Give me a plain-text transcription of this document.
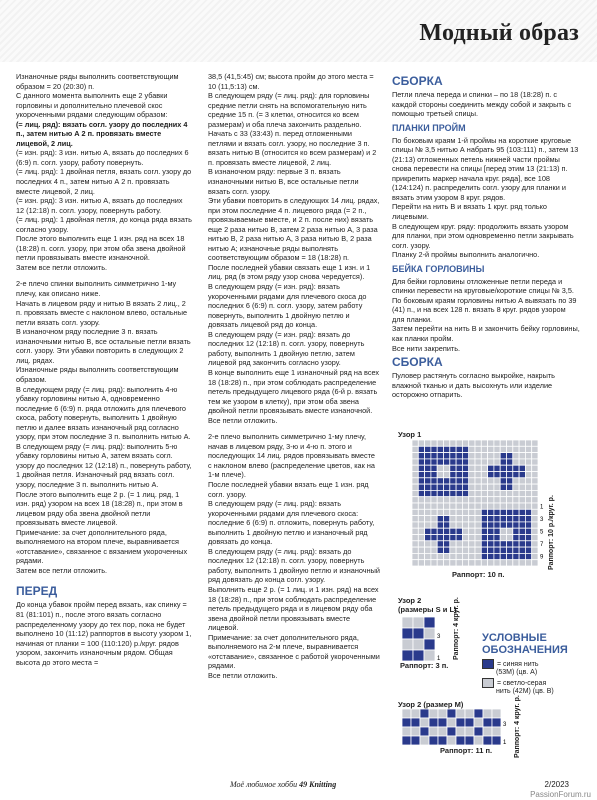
Модный образ

Изнаночные ряды выполнить соответствующим образом = 20 (20:30) п.

С данного момента выполнить еще 2 убавки горловины и дополнительно плечевой скос укороченными рядами следующим образом:

(= лиц. ряд): вязать согл. узору до последних 4 п., затем нитью А 2 п. провязать вместе лицевой, 2 лиц.

(= изн. ряд): 3 изн. нитью А, вязать до последних 6 (6:9) п. согл. узору, работу повернуть.

(= лиц. ряд): 1 двойная петля, вязать согл. узору до последних 4 п., затем нитью А 2 п. провязать вместе лицевой, 2 лиц.

(= изн. ряд): 3 изн. нитью А, вязать до последних 12 (12:18) п. согл. узору, повернуть работу.

(= лиц. ряд): 1 двойная петля, до конца ряда вязать согласно узору.

После этого выполнить еще 1 изн. ряд на всех 18 (18:28) п. согл. узору, при этом оба звена двойной петли провязывать вместе изнаночной.

Затем все петли отложить.

2-е плечо спинки выполнить симметрично 1-му плечу, как описано ниже.

Начать в лицевом ряду и нитью В вязать 2 лиц., 2 п. провязать вместе с наклоном влево, остальные петли вязать согл. узору.

В изнаночном ряду последние 3 п. вязать изнаночными нитью В, все остальные петли вязать согл. узору. Эти убавки повторить в следующих 2 лиц. рядах.

Изнаночные ряды выполнить соответствующим образом.

В следующем ряду (= лиц. ряд): выполнить 4-ю убавку горловины нитью А, одновременно последние 6 (6:9) п. ряда отложить для плечевого скоса, работу повернуть, выполнить 1 двойную петлю и далее вязать изнаночный ряд согласно узору, при этом последние 3 п. выполнить нитью А.

В следующем ряду (= лиц. ряд): выполнить 5-ю убавку горловины нитью А, затем вязать согл. узору до последних 12 (12:18) п., повернуть работу, 1 двойная петля. Изнаночный ряд вязать согл. узору, последние 3 п. выполнить нитью А.

После этого выполнить еще 2 р. (= 1 лиц. ряд, 1 изн. ряд) узором на всех 18 (18:28) п., при этом в лицевом ряду оба звена двойной петли провязывать вместе лицевой.

Примечание: за счет дополнительного ряда, выполняемого на втором плече, выравнивается «отставание», связанное с вязанием укороченных рядами.

Затем все петли отложить.

ПЕРЕД

До конца убавок пройм перед вязать, как спинку = 81 (81:101) п., после этого вязать согласно распределенному узору до тех пор, пока не будет выполнено 10 (11:12) раппортов в высоту узором 1, начиная от планки = 100 (110:120) р./круг. рядов узором, закончить изнаночным рядом. Общая высота до этого места =

38,5 (41,5:45) см; высота пройм до этого места = 10 (11,5:13) см.

В следующем ряду (= лиц. ряд): для горловины средние петли снять на вспомогательную нить средние 15 п. (= 3 клетки, относится ко всем размерам) и оба плеча закончить раздельно.

Начать с 33 (33:43) п. перед отложенными петлями и вязать согл. узору, но последние 3 п. вязать нитью В (относится ко всем размерам) и 2 п. провязать вместе лицевой, 2 лиц.

В изнаночном ряду: первые 3 п. вязать изнаночными нитью В, все остальные петли вязать согл. узору.

Эти убавки повторить в следующих 14 лиц. рядах, при этом последние 4 п. лицевого ряда (= 2 п., провязываемые вместе, и 2 п. после них) вязать еще 2 раза нитью В, затем 2 раза нитью А, 3 раза нитью В, 2 раза нитью А, 3 раза нитью В, 2 раза нитью А; изнаночные ряды выполнять соответствующим образом = 18 (18:28) п.

После последней убавки связать еще 1 изн. и 1 лиц. ряд (в этом ряду узор снова чередуется).

В следующем ряду (= изн. ряд): вязать укороченными рядами для плечевого скоса до последних 6 (6:9) п. согл. узору, затем работу повернуть, выполнить 1 двойную петлю и довязать лицевой ряд до конца.

В следующем ряду (= изн. ряд): вязать до последних 12 (12:18) п. согл. узору, повернуть работу, выполнить 1 двойную петлю, затем лицевой ряд закончить согласно узору.

В конце выполнить еще 1 изнаночный ряд на всех 18 (18:28) п., при этом соблюдать распределение петель предыдущего лицевого ряда (6-й р. вязать тем же узором в клетку), при этом оба звена двойной петли провязывать вместе изнаночной.

Все петли отложить.

2-е плечо выполнить симметрично 1-му плечу, начав в лицевом ряду, 3-ю и 4-ю п. этого и последующих 14 лиц. рядов провязывать вместе с наклоном влево (распределение цветов, как на 1-м плече).

После последней убавки вязать еще 1 изн. ряд согл. узору.

В следующем ряду (= лиц. ряд): вязать укороченными рядами для плечевого скоса: последние 6 (6:9) п. отложить, повернуть работу, выполнить 1 двойную петлю и изнаночный ряд довязать до конца.

В следующем ряду (= лиц. ряд): вязать до последних 12 (12:18) п. согл. узору, повернуть работу, выполнить 1 двойную петлю и изнаночный ряд довязать до конца согл. узору.

Выполнить еще 2 р. (= 1 лиц. и 1 изн. ряд) на всех 18 (18:28) п., при этом соблюдать распределение петель предыдущего ряда и в лицевом ряду оба звена двойной петли провязывать вместе лицевой.

Примечание: за счет дополнительного ряда, выполняемого на 2-м плече, выравнивается «отставание», связанное с работой укороченными рядами.

Все петли отложить.

СБОРКА

Петли плеча переда и спинки – по 18 (18:28) п. с каждой стороны соединить между собой и закрыть с помощью третьей спицы.

ПЛАНКИ ПРОЙМ

По боковым краям 1-й проймы на короткие круговые спицы № 3,5 нитью А набрать 95 (103:111) п., затем 13 (21:13) отложенных петель нижней части проймы снова перевести на спицы [перед этим 13 (21:13) п. прикрепить маркер начала круг. ряда], все 108 (124:124) п. распределить согл. узору для планки и вязать этим узором 8 круг. рядов.

Перейти на нить В и вязать 1 круг. ряд только лицевыми.

В следующем круг. ряду: продолжить вязать узором для планки, при этом одновременно петли закрывать согл. узору.

Планку 2-й проймы выполнить аналогично.

БЕЙКА ГОРЛОВИНЫ

Для бейки горловины отложенные петли переда и спинки перевести на круговые/короткие спицы № 3,5.

По боковым краям горловины нитью А вывязать по 39 (41) п., и на всех 128 п. вязать 8 круг. рядов узором для планки.

Затем перейти на нить В и закончить бейку горловины, как планки пройм.

Все нити закрепить.

СБОРКА

Пуловер растянуть согласно выкройке, накрыть влажной тканью и дать высохнуть или изделие осторожно отпарить.

Узор 1
9
7
5
3
1
Раппорт: 10 п.
Раппорт: 10 р./круг. р.
Узор 2
(размеры S и L)
3
1
Раппорт: 3 п.
Раппорт: 4 круг. р. УСЛОВНЫЕ
ОБОЗНАЧЕНИЯ
= синяя нить
(53М) (цв. А)
= светло-серая
нить (42М) (цв. В)
Узор 2 (размер M)
3
1
Раппорт: 11 п.	Раппорт: 4 круг. р.
Моё любимое хобби 49 Knitting	2/2023
PassionForum.ru
